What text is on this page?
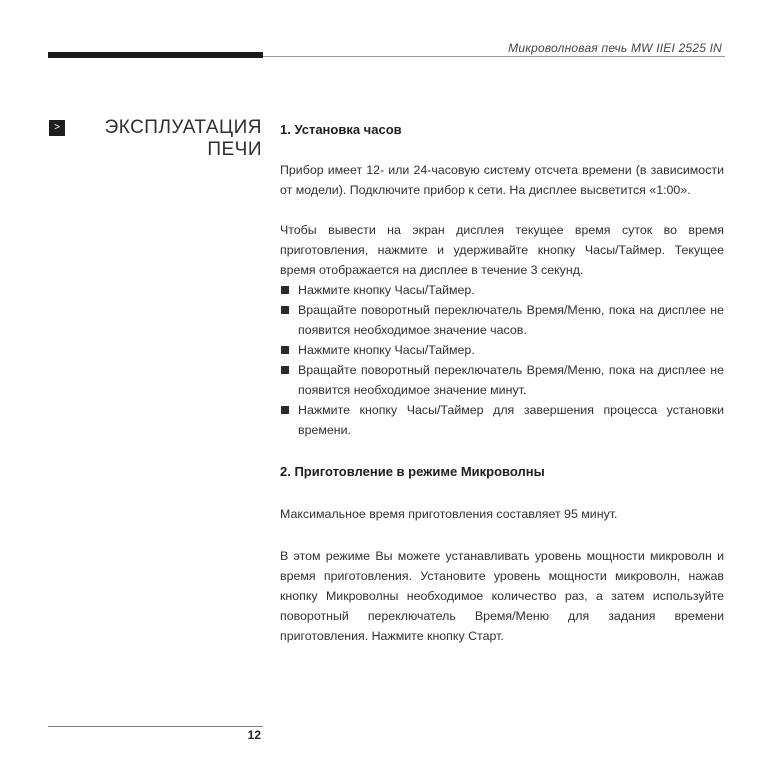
Микроволновая печь MW IIEI 2525 IN
>	ЭКСПЛУАТАЦИЯ
ПЕЧИ
1. Установка часов

Прибор имеет 12- или 24-часовую систему отсчета времени (в зависимости от модели). Подключите прибор к сети. На дисплее высветится «1:00».

Чтобы вывести на экран дисплея текущее время суток во время приготовления, нажмите и удерживайте кнопку Часы/Таймер. Текущее время отображается на дисплее в течение 3 секунд.

Нажмите кнопку Часы/Таймер.
Вращайте поворотный переключатель Время/Меню, пока на дисплее не появится необходимое значение часов.
Нажмите кнопку Часы/Таймер.
Вращайте поворотный переключатель Время/Меню, пока на дисплее не появится необходимое значение минут.
Нажмите кнопку Часы/Таймер для завершения процесса установки времени.
2. Приготовление в режиме Микроволны

Максимальное время приготовления составляет 95 минут.

В этом режиме Вы можете устанавливать уровень мощности микроволн и время приготовления. Установите уровень мощности микроволн, нажав кнопку Микроволны необходимое количество раз, а затем используйте поворотный переключатель Время/Меню для задания времени приготовления. Нажмите кнопку Старт.

12
